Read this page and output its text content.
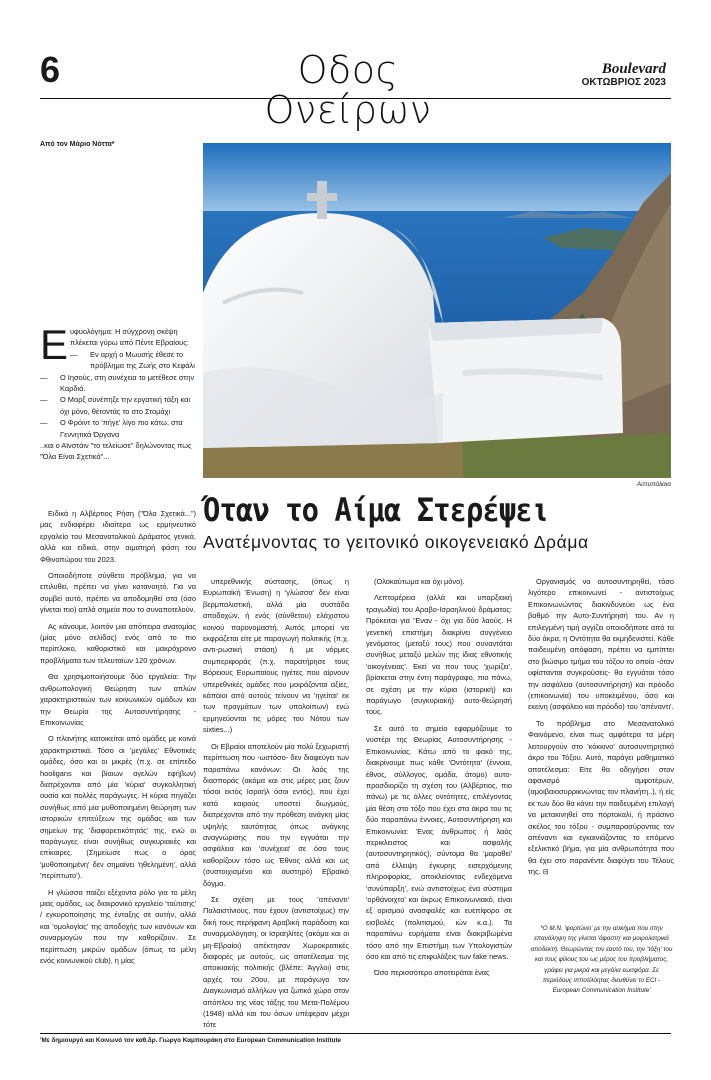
6	Οδος Ονείρων
Boulevard
ΟΚΤΩΒΡΙΟΣ 2023
Από τον Μάριο Νόττα*
Αστυπάλαια
Ε υφυολόγημα: Η σύγχρονη σκέψη πλέκεται γύρω από Πέντε Εβραίους:
—	Εν αρχή ο Μωυσής έθεσε το πρόβλημα της Ζωής στο Κεφάλι
—	Ο Ιησούς, στη συνέχεια το μετέθεσε στην Καρδιά.
—	Ο Μαρξ συνέπηξε την εργατική τάξη και όχι μόνο, θέτοντάς το στο Στομάχι
—	Ο Φρόιντ το 'πήγε' λίγο πιο κάτω, στα Γεννητικά Όργανα
..και ο Αϊνστάιν "το τελείωσε" δηλώνοντας πως "Όλα Είναι Σχετικά"...
Όταν το Αίμα Στερέψει
Ανατέμνοντας το γειτονικό οικογενειακό Δράμα

Ειδικά η Αλβέρτιος Ρήση ("Όλα Σχετικά...") μας ενδιαφέρει ιδιαίτερα ως ερμηνευτικό εργαλείο του Μεσανατολικού Δράματος γενικά, αλλά και ειδικά, στην αιματηρή φάση του Φθινοπώρου του 2023.

Οποιοδήποτε σύνθετο πρόβλημα, για να επιλυθεί, πρέπει να γίνει κατανοητό. Για να συμβεί αυτό, πρέπει να αποδομηθεί στα (όσο γίνεται πιο) απλά σημεία που το συναποτελούν.

Ας κάνουμε, λοιπόν μια απόπειρα ανατομίας (μίας μόνο σελίδας) ενός από το πιο περίπλοκο, καθοριστικό και μακρόχρονο προβλήματα των τελευταίων 120 χρόνων.

Θα χρησιμοποιήσουμε δύο εργαλεία: Την ανθρωπολογική Θεώρηση των απλών χαρακτηριστικών των κοινωνικών ομάδων και την Θεωρία της Αυτοσυντήρησης - Επικοινωνίας

Ο πλανήτης κατοικείται από ομάδες με κοινά χαρακτηριστικά. Τόσο οι 'μεγάλες' Εθνοτικές ομάδες, όσο και οι μικρές (π.χ. σε επίπεδο hooligans και βίαιων αγελών εφήβων) διατρέχονται από μία 'κύρια' συγκολλητική ουσία και πολλές παράγωγες. Η κύρια πηγάζει συνήθως από μία μυθοποιημένη θεώρηση των ιστορικών επιτεύξεων της ομάδας και των σημείων της 'διαφορετικότητάς' της, ενώ οι παράγωγες είναι συνήθως συγκυριακές και επίκαιρες. (Σημείωσε πως ο όρος 'μυθοποιημένη' δεν σημαίνει 'ηθελημένη', αλλά 'περίπτωτο').

Η γλώσσα παίζει εξέχοντα ρόλο για το μέλη μιας ομάδας, ως διακρονικό εργαλείο 'ταύτισης' / εγκυροποίησης της ένταξης σε αυτήν, αλλά και 'ομολογίας' της αποδοχής των κανόνων και συναρμογών που την καθορίζουν. Σε περίπτωση μικρών ομάδων (όπως τα μέλη ενός κοινωνικού club), η μίας

υπερεθνικής σύστασης, (όπως η Ευρωπαϊκή Ένωση) η 'γλώσσα' δεν είναι βερμπαλιστική, αλλά μία συστάδα αποδοχών, ή ενός (σύνθετου) ελάχιστου κοινού παρονομαστή. Αυτός μπορεί να εκφράζεται είτε με παραγωγή πολιτικής (π.χ. αντι-ρωσική στάση) ή με νόρμες συμπεριφοράς (π.χ. παρατήρησε τους Βόρειους Ευρωπαίους ηγέτες που αίρνουν υπερεθνικές ομάδες που μοιράζονται αξίες, κάποιοι από αυτούς τείνουν να 'ηγείται' εκ των πραγμάτων των υπολοίπων) ενώ ερμηνεύονται τις μόρες του Νότου των sixties...)

Οι Εβραίοι αποτελούν μία πολύ ξεχωριστή περίπτωση που -ωστόσο- δεν διαφεύγει των παραπάνω κανόνων: Οι λαός της διασποράς (ακόμα και στις μέρες μας ζουν τόσοι εκτός Ισραήλ όσοι εντός), που έχει κατά καιρούς υποστεί διωγμούς, διατρέχονται από την πρόθεση ανάγκη μίας υψηλής ταυτότητας όπως ανάγκης αναγνώρισης που την εγγυάται την ασφάλεια και 'συνέχεια' σε όσο τους καθορίζουν τόσο ως Έθνος αλλά και ως (συστοιχισμένο και αυστηρό) Εβραϊκό δόγμα.

Σε σχέση με τους 'απέναντι' Παλαιστίνιους, που έχουν (αντιστοίχως) την δική τους περήφανη Αραβική παράδοση και συναρμολόγηση, οι Ισραηλίτες (ακόμα και οι μη-Εβραίοι) απέκτησαν Χωροκρατικές διαφορές με αυτούς, ως αποτέλεσμα της αποικιακής πολιτικής (βλέπε: Άγγλοι) στις αρχές του 20ου, με παράγωγο τον Διαγκωνισμό αλλήλων για ζωτικό χώρο στον απόπλου της νέας τάξης του Μετα-Πολέμου (1948) αλλά και του όσων υπέφεραν μέχρι τότε

(Ολοκαύτωμα και όχι μόνο).

Λεπτομέρεια (αλλά και υπαρξιακή τραγωδία) του Αραβο-Ισραηλινού δράματος: Πρόκειται για 'Έναν - όχι για δύο λαούς. Η γενετική επιστήμη διακρίνει συγγένειο γενόματος (μεταξύ τους) που συναντάται συνήθως μεταξύ μελών της ίδιας εθνοτικής 'οικογένειας'. Εκεί να που τους 'χωρίζει', βρίσκεται στην έντη παράγραφο, πιο πάνω, σε σχέση με την κύρια (ιστορική) και παράγωγο (συγκυριακή) αυτο-θεώρησή τους.

Σε αυτό το σημείο εφαρμόζουμε το νυστέρι της Θεωρίας Αυτοσυντήρησης - Επικοινωνίας. Κάτω από το φακό της, διακρίνουμε πως κάθε 'Οντότητα' (έννοια, έθνος, σύλλογος, ομάδα, άτομο) αυτο-προσδιορίζει τη σχέση του (Αλβέρτιος, πιο πάνω) με τις άλλες οντότητες, επιλέγοντας μία θέση στο τόξο που έχει στα άκρα του τις δύο παραπάνω έννοιες, Αυτοσυντήρηση και Επικοινωνία: Ένας άνθρωπος ή λαός περικλειστος και ασφαλής (αυτοσυντηρητικός), σύντομα θα 'μαραθεί' από έλλειψη έγκυρης εισερχόμενης πληροφορίας, αποκλείοντας ενδεχόμενα 'συνύπαρξη', ενώ αντιστοίχως ένα σύστημα 'ορθάνοιχτο' και άκρως Επικοινωνιακό, είναι εξ ορισμού ανασφαλές και ευεπίφορο σε εισβολές (πολιτισμού, ιών κ.α.). Τα παραπάνω ευρήματα είναι διακριβωμένα τόσο από την Επιστήμη των Υπολογιστών όσο και από τις επιφυλάξεις των fake news.

Όσο περισσότερο αποτειράται ένας

Οργανισμός να αυτοσυντηρηθεί, τόσο λιγότερο επικοινωνεί - αντιστοίχως Επικοινωνώντας διακινδυνεύει ως ένα βαθμό την Αυτο-Συντήρησή του. Αν η επιλεγμένη τιμή αγγίζει οποιοδήποτε από τα δύο άκρα, η Οντότητα θα εκμηδενιστεί. Κάθε παιδευμένη απόφαση, πρέπει να εμπίπτει στο βιώσιμο τμήμα του τόξου το οποίο -όταν υφίστανται συγκρούσεις- θα εγγυάται τόσο την ασφάλεια (αυτοσυντήρηση) και πρόοδο (επικοινωνία) του υποκειμένου, όσο και εκείνη (ασφάλειο και πρόοδο) του 'απέναντι'.

Το πρόβλημα στο Μεσανατολικό Φαινόμενο, είναι πως αμφότερα τα μέρη λειτουργούν στο 'κόκκινο' αυτοσυντηρητικό άκρο του Τόξου. Αυτό, παράγει μαθηματικό αποτέλεσμα: Είτε θα οδηγήσει στον αφανισμό αμφοτέρων, (αμοιβαιοσυρρικνώντας τον πλανήτη..), ή είς εκ των δύο θα κάνει την παιδευμένη επιλογή να μετακινηθεί στο πορτοκαλί, ή πράσινο σκέλος του τόξου - συμπαρασύροντας τον απέναντι και εγκαινιάζοντας το επόμενο εξελικτικό βήμα, για μία ανθρωπότητα που θα έχει στο παρανέντε διαφύγει του Τέλους της. ⊟

*Ο Μ.Ν. 'φορτώνει' με την ασκήμια που στην επανάληψη της γίνεται 'άφαστη' και μοιρολατρικά αποδεκτή. Θεωρώντας τον εαυτό του, την 'τάξη' του και τους φίλους του ως μέρος του προβλήματος, γράφει για μικρά και μεγάλα εωσφόρα. Σε περιόδους ιπποτίλόητας διευθύνει το ECI - European Communication Institute'
'Με δημιουργό και Κοινωνό τον καθ.δρ. Γιώργο Καμπουράκη στο European Communication Institute
